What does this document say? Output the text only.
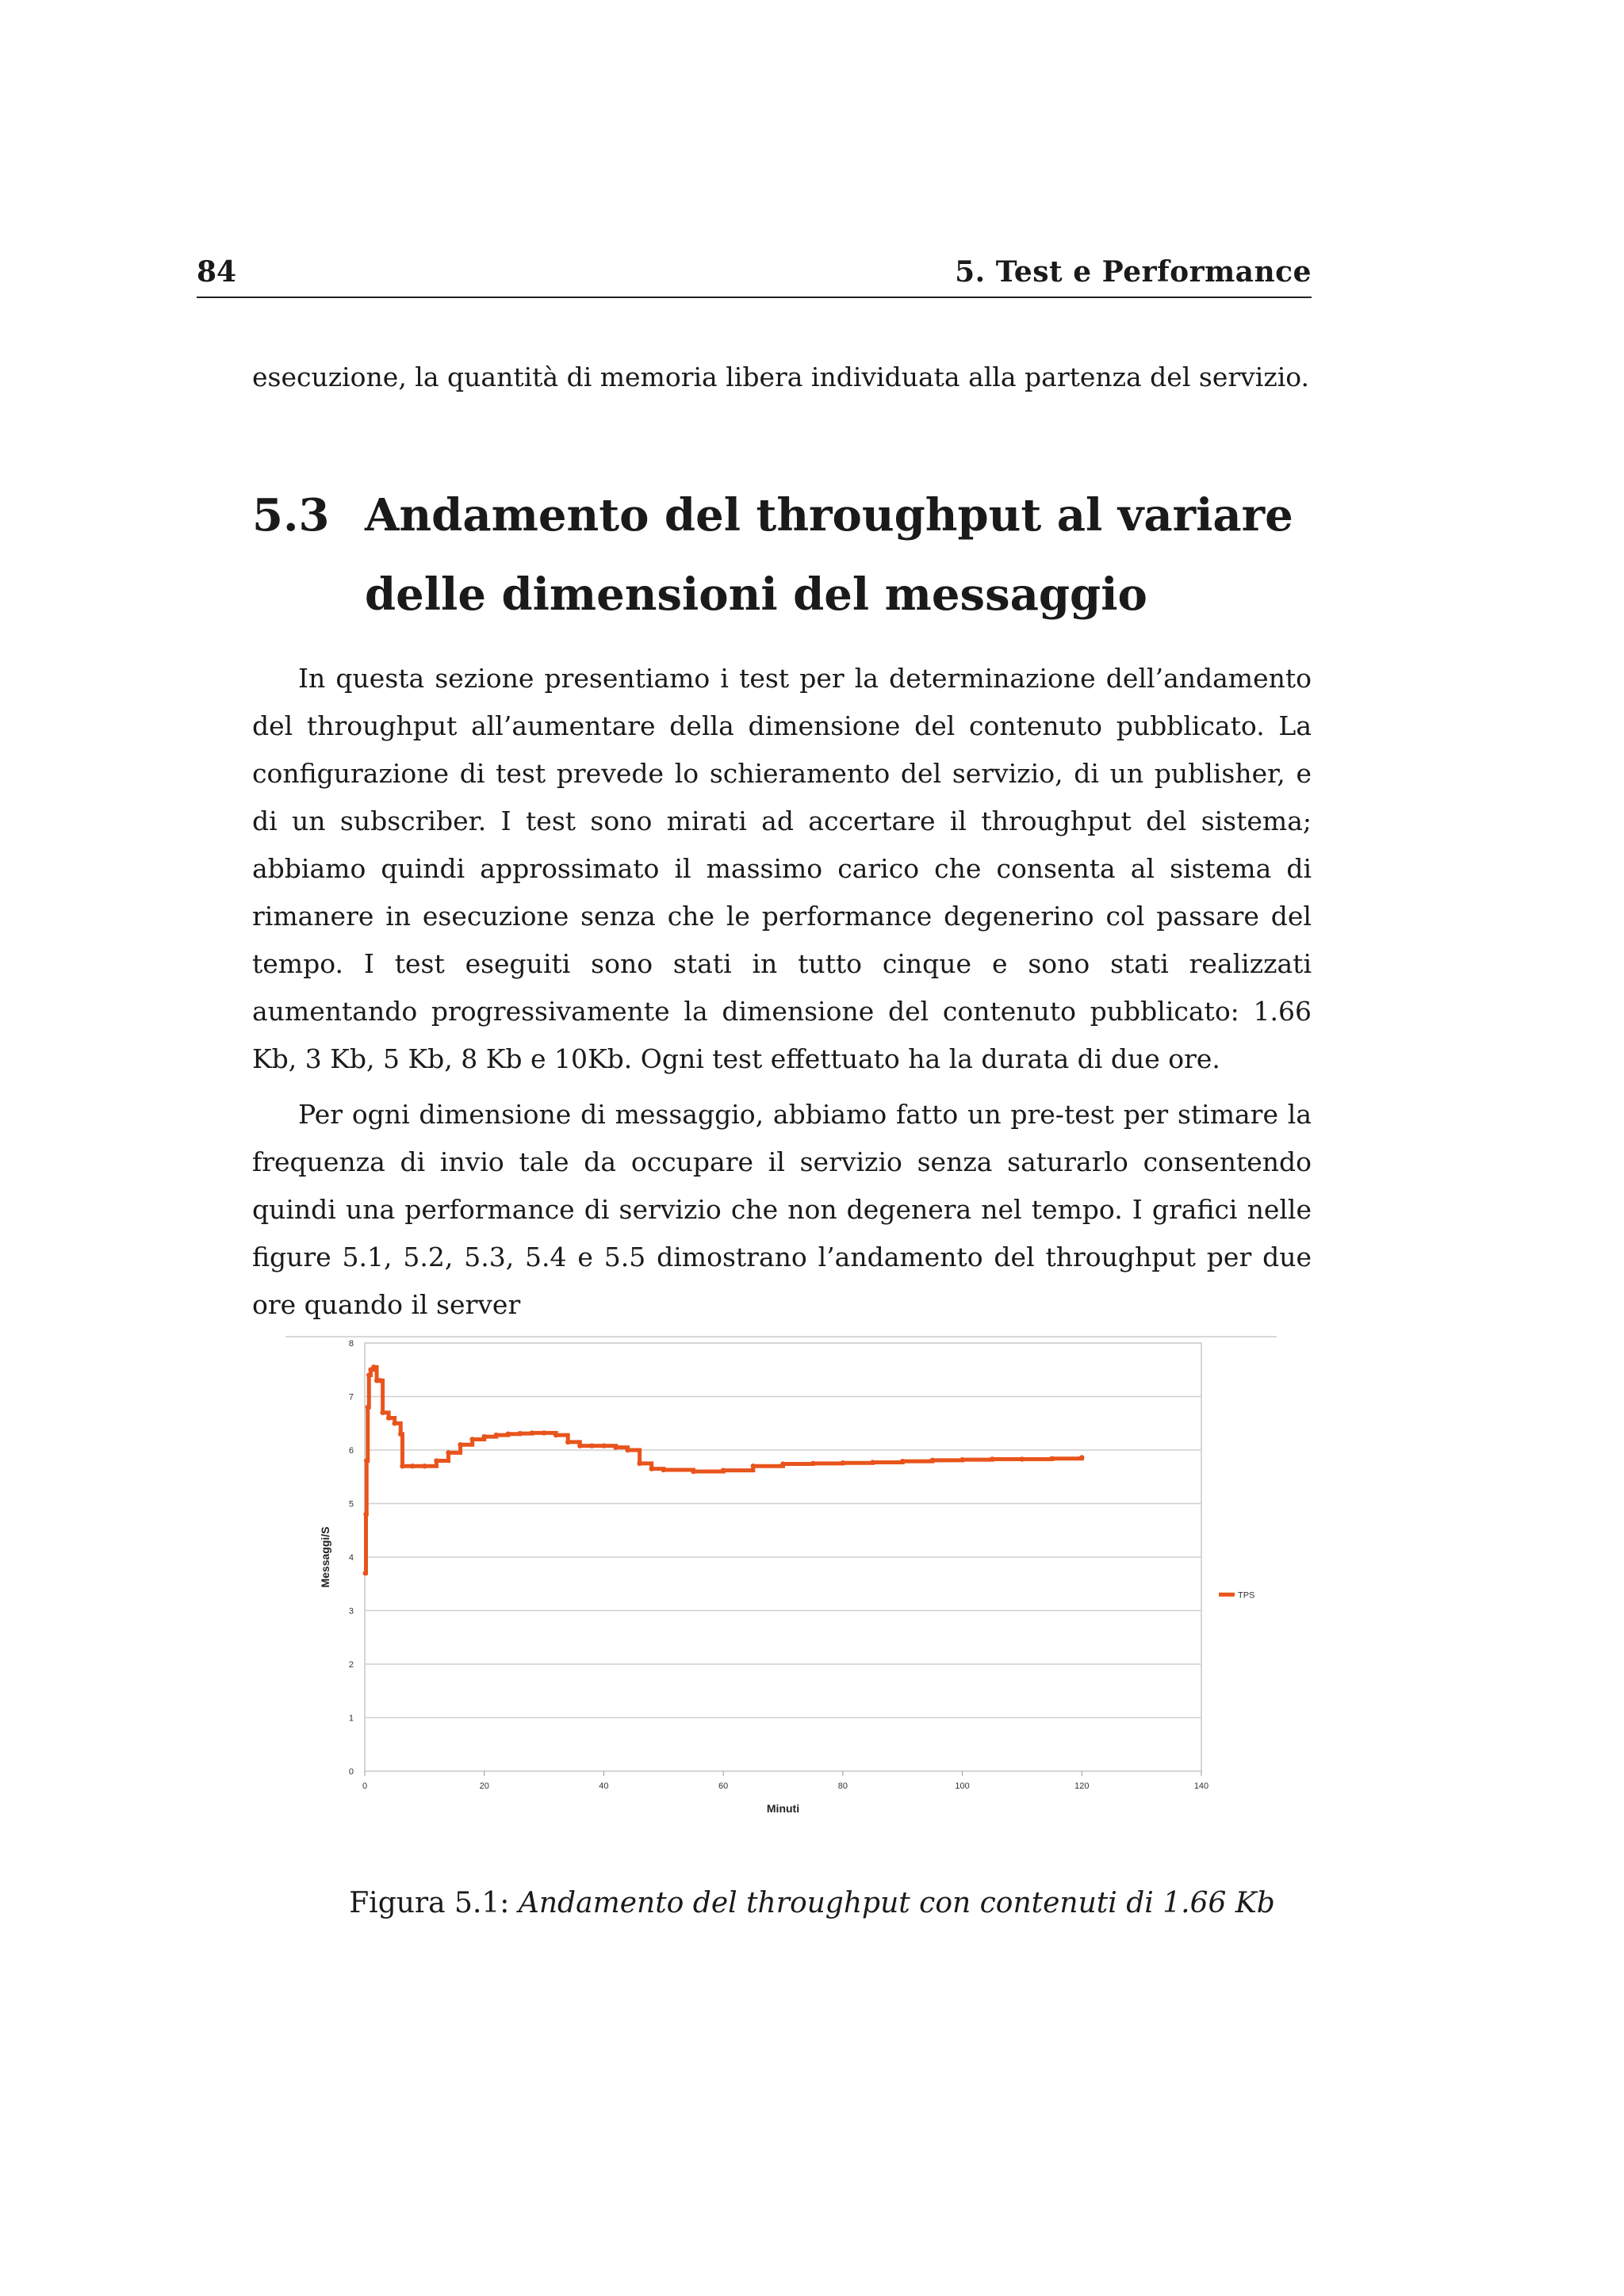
84	5. Test e Performance
esecuzione, la quantità di memoria libera individuata alla partenza del servizio.
5.3 Andamento del throughput al variare delle dimensioni del messaggio
In questa sezione presentiamo i test per la determinazione dell’andamento del throughput all’aumentare della dimensione del contenuto pubblicato. La configurazione di test prevede lo schieramento del servizio, di un publisher, e di un subscriber. I test sono mirati ad accertare il throughput del sistema; abbiamo quindi approssimato il massimo carico che consenta al sistema di rimanere in esecuzione senza che le performance degenerino col passare del tempo. I test eseguiti sono stati in tutto cinque e sono stati realizzati aumentando progressivamente la dimensione del contenuto pubblicato: 1.66 Kb, 3 Kb, 5 Kb, 8 Kb e 10Kb. Ogni test effettuato ha la durata di due ore.
Per ogni dimensione di messaggio, abbiamo fatto un pre-test per stimare la frequenza di invio tale da occupare il servizio senza saturarlo consentendo quindi una performance di servizio che non degenera nel tempo. I grafici nelle figure 5.1, 5.2, 5.3, 5.4 e 5.5 dimostrano l’andamento del throughput per due ore quando il server
0
1
2
3
4
5
6
7
8
0	20	40	60	80	100	120	140
Minuti
Messaggi/S
TPS
Figura 5.1: Andamento del throughput con contenuti di 1.66 Kb
